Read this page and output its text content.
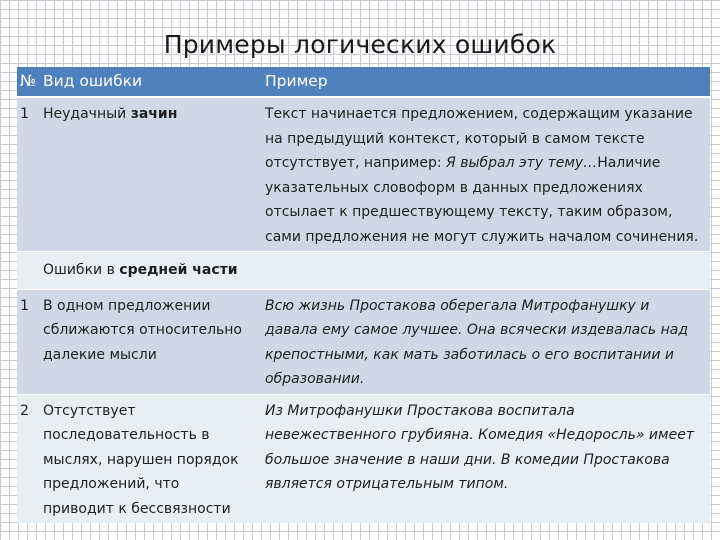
Примеры логических ошибок
№	Вид ошибки	Пример
1	Неудачный зачин	Текст начинается предложением, содержащим указание на предыдущий контекст, который в самом тексте отсутствует, например: Я выбрал эту тему…Наличие указательных словоформ в данных предложениях отсылает к предшествующему тексту, таким образом, сами предложения не могут служить началом сочинения.
	Ошибки в средней части	
1	В одном предложении сближаются относительно далекие мысли	Всю жизнь Простакова оберегала Митрофанушку и давала ему самое лучшее. Она всячески издевалась над крепостными, как мать заботилась о его воспитании и образовании.
2	Отсутствует последовательность в мыслях, нарушен порядок предложений, что приводит к бессвязности	Из Митрофанушки Простакова воспитала невежественного грубияна. Комедия «Недоросль» имеет большое значение в наши дни. В комедии Простакова является отрицательным типом.
